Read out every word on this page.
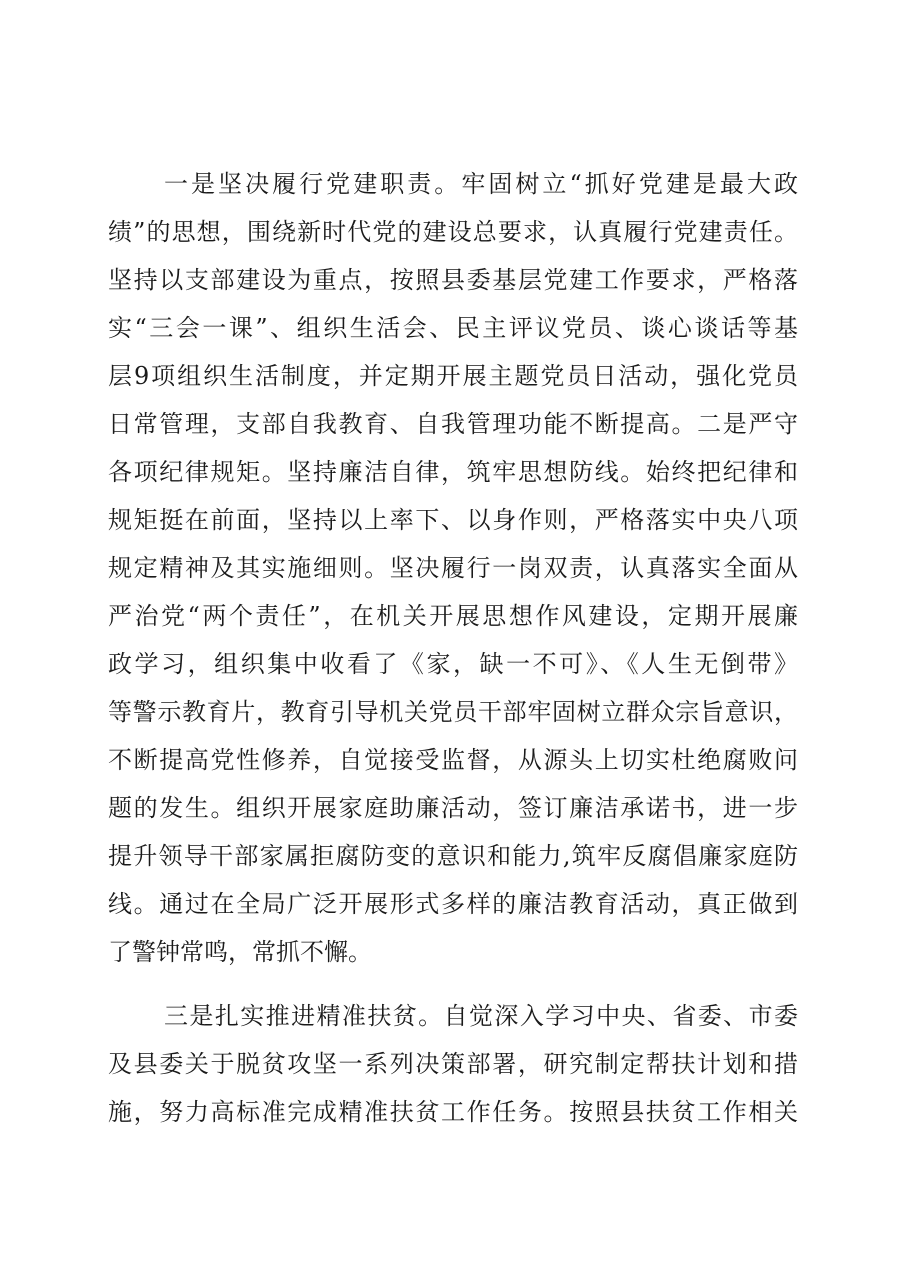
一是坚决履行党建职责。牢固树立“抓好党建是最大政
绩”的思想，围绕新时代党的建设总要求，认真履行党建责任。
坚持以支部建设为重点，按照县委基层党建工作要求，严格落
实“三会一课”、组织生活会、民主评议党员、谈心谈话等基
层9项组织生活制度，并定期开展主题党员日活动，强化党员
日常管理，支部自我教育、自我管理功能不断提高。二是严守
各项纪律规矩。坚持廉洁自律，筑牢思想防线。始终把纪律和
规矩挺在前面，坚持以上率下、以身作则，严格落实中央八项
规定精神及其实施细则。坚决履行一岗双责，认真落实全面从
严治党“两个责任”，在机关开展思想作风建设，定期开展廉
政学习，组织集中收看了《家，缺一不可》、《人生无倒带》
等警示教育片，教育引导机关党员干部牢固树立群众宗旨意识，
不断提高党性修养，自觉接受监督，从源头上切实杜绝腐败问
题的发生。组织开展家庭助廉活动，签订廉洁承诺书，进一步
提升领导干部家属拒腐防变的意识和能力,筑牢反腐倡廉家庭防
线。通过在全局广泛开展形式多样的廉洁教育活动，真正做到
了警钟常鸣，常抓不懈。
三是扎实推进精准扶贫。自觉深入学习中央、省委、市委
及县委关于脱贫攻坚一系列决策部署，研究制定帮扶计划和措
施，努力高标准完成精准扶贫工作任务。按照县扶贫工作相关
